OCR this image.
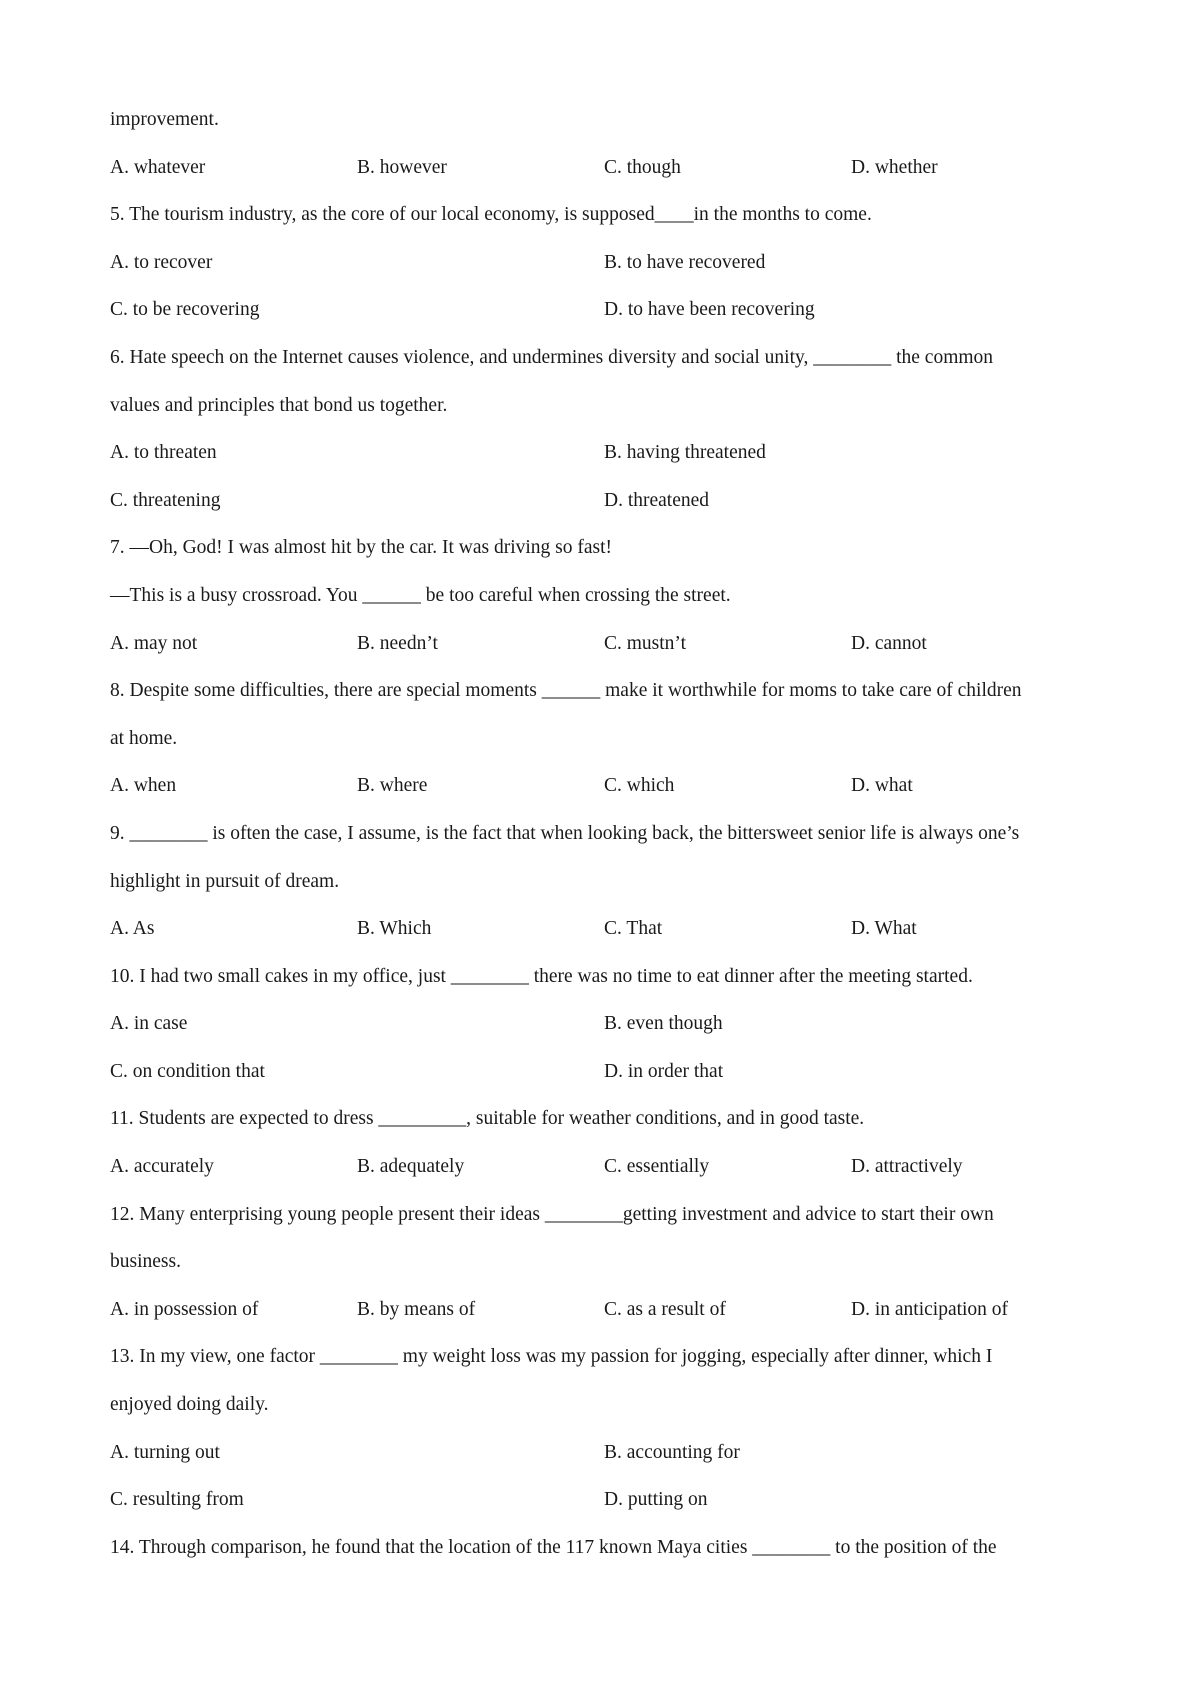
improvement.
A. whatever	B. however	C. though	D. whether
5. The tourism industry, as the core of our local economy, is supposed____in the months to come.
A. to recover	B. to have recovered
C. to be recovering	D. to have been recovering
6. Hate speech on the Internet causes violence, and undermines diversity and social unity, ________ the common
values and principles that bond us together.
A. to threaten	B. having threatened
C. threatening	D. threatened
7. —Oh, God! I was almost hit by the car. It was driving so fast!
—This is a busy crossroad. You ______ be too careful when crossing the street.
A. may not	B. needn’t	C. mustn’t	D. cannot
8. Despite some difficulties, there are special moments ______ make it worthwhile for moms to take care of children
at home.
A. when	B. where	C. which	D. what
9. ________ is often the case, I assume, is the fact that when looking back, the bittersweet senior life is always one’s
highlight in pursuit of dream.
A. As	B. Which	C. That	D. What
10. I had two small cakes in my office, just ________ there was no time to eat dinner after the meeting started.
A. in case	B. even though
C. on condition that	D. in order that
11. Students are expected to dress _________, suitable for weather conditions, and in good taste.
A. accurately	B. adequately	C. essentially	D. attractively
12. Many enterprising young people present their ideas ________getting investment and advice to start their own
business.
A. in possession of	B. by means of	C. as a result of	D. in anticipation of
13. In my view, one factor ________ my weight loss was my passion for jogging, especially after dinner, which I
enjoyed doing daily.
A. turning out	B. accounting for
C. resulting from	D. putting on
14. Through comparison, he found that the location of the 117 known Maya cities ________ to the position of the
